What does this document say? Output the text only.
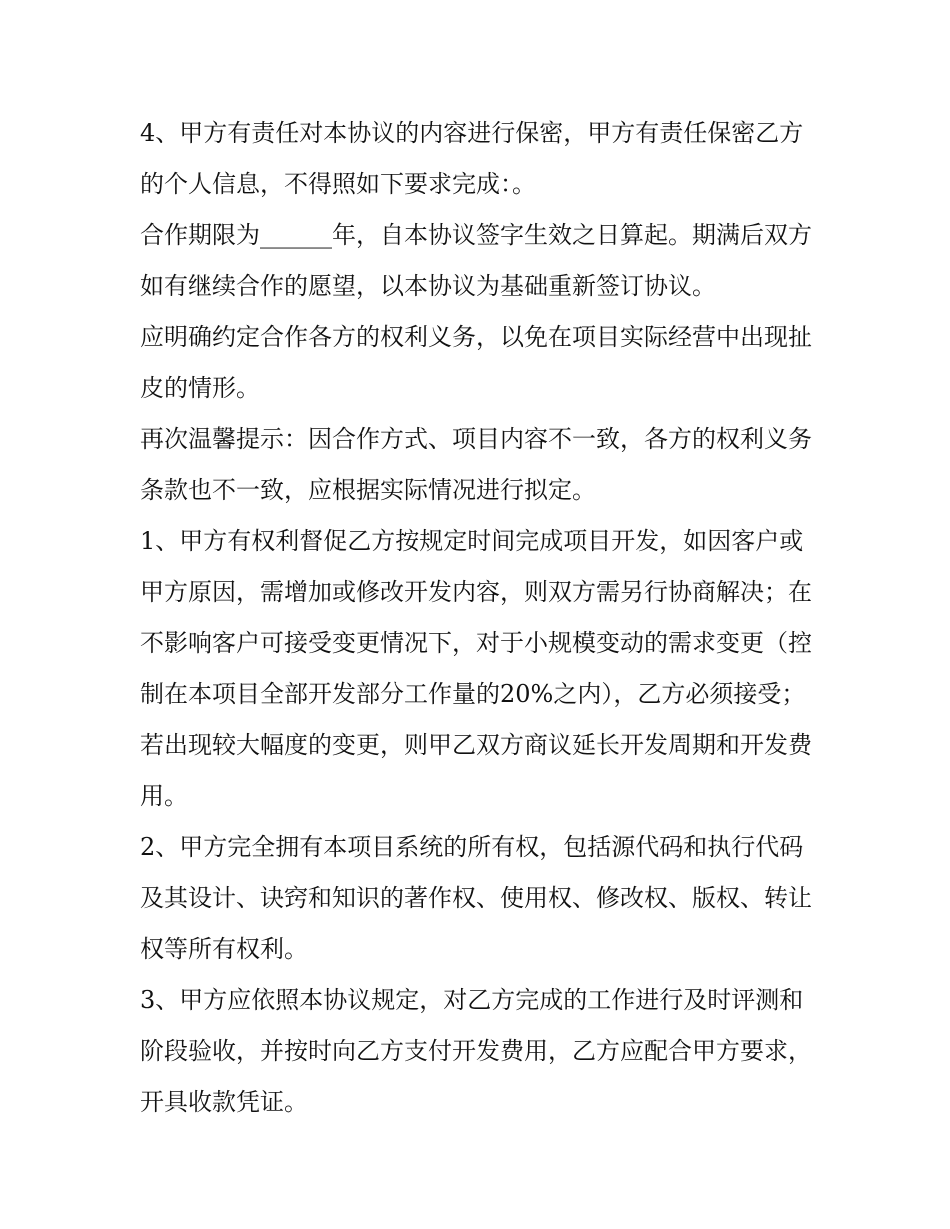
4、甲方有责任对本协议的内容进行保密，甲方有责任保密乙方的个人信息，不得照如下要求完成：。

合作期限为______年，自本协议签字生效之日算起。期满后双方如有继续合作的愿望，以本协议为基础重新签订协议。

应明确约定合作各方的权利义务，以免在项目实际经营中出现扯皮的情形。

再次温馨提示：因合作方式、项目内容不一致，各方的权利义务条款也不一致，应根据实际情况进行拟定。

1、甲方有权利督促乙方按规定时间完成项目开发，如因客户或甲方原因，需增加或修改开发内容，则双方需另行协商解决；在不影响客户可接受变更情况下，对于小规模变动的需求变更（控制在本项目全部开发部分工作量的20%之内），乙方必须接受；若出现较大幅度的变更，则甲乙双方商议延长开发周期和开发费用。

2、甲方完全拥有本项目系统的所有权，包括源代码和执行代码及其设计、诀窍和知识的著作权、使用权、修改权、版权、转让权等所有权利。

3、甲方应依照本协议规定，对乙方完成的工作进行及时评测和阶段验收，并按时向乙方支付开发费用，乙方应配合甲方要求，开具收款凭证。
